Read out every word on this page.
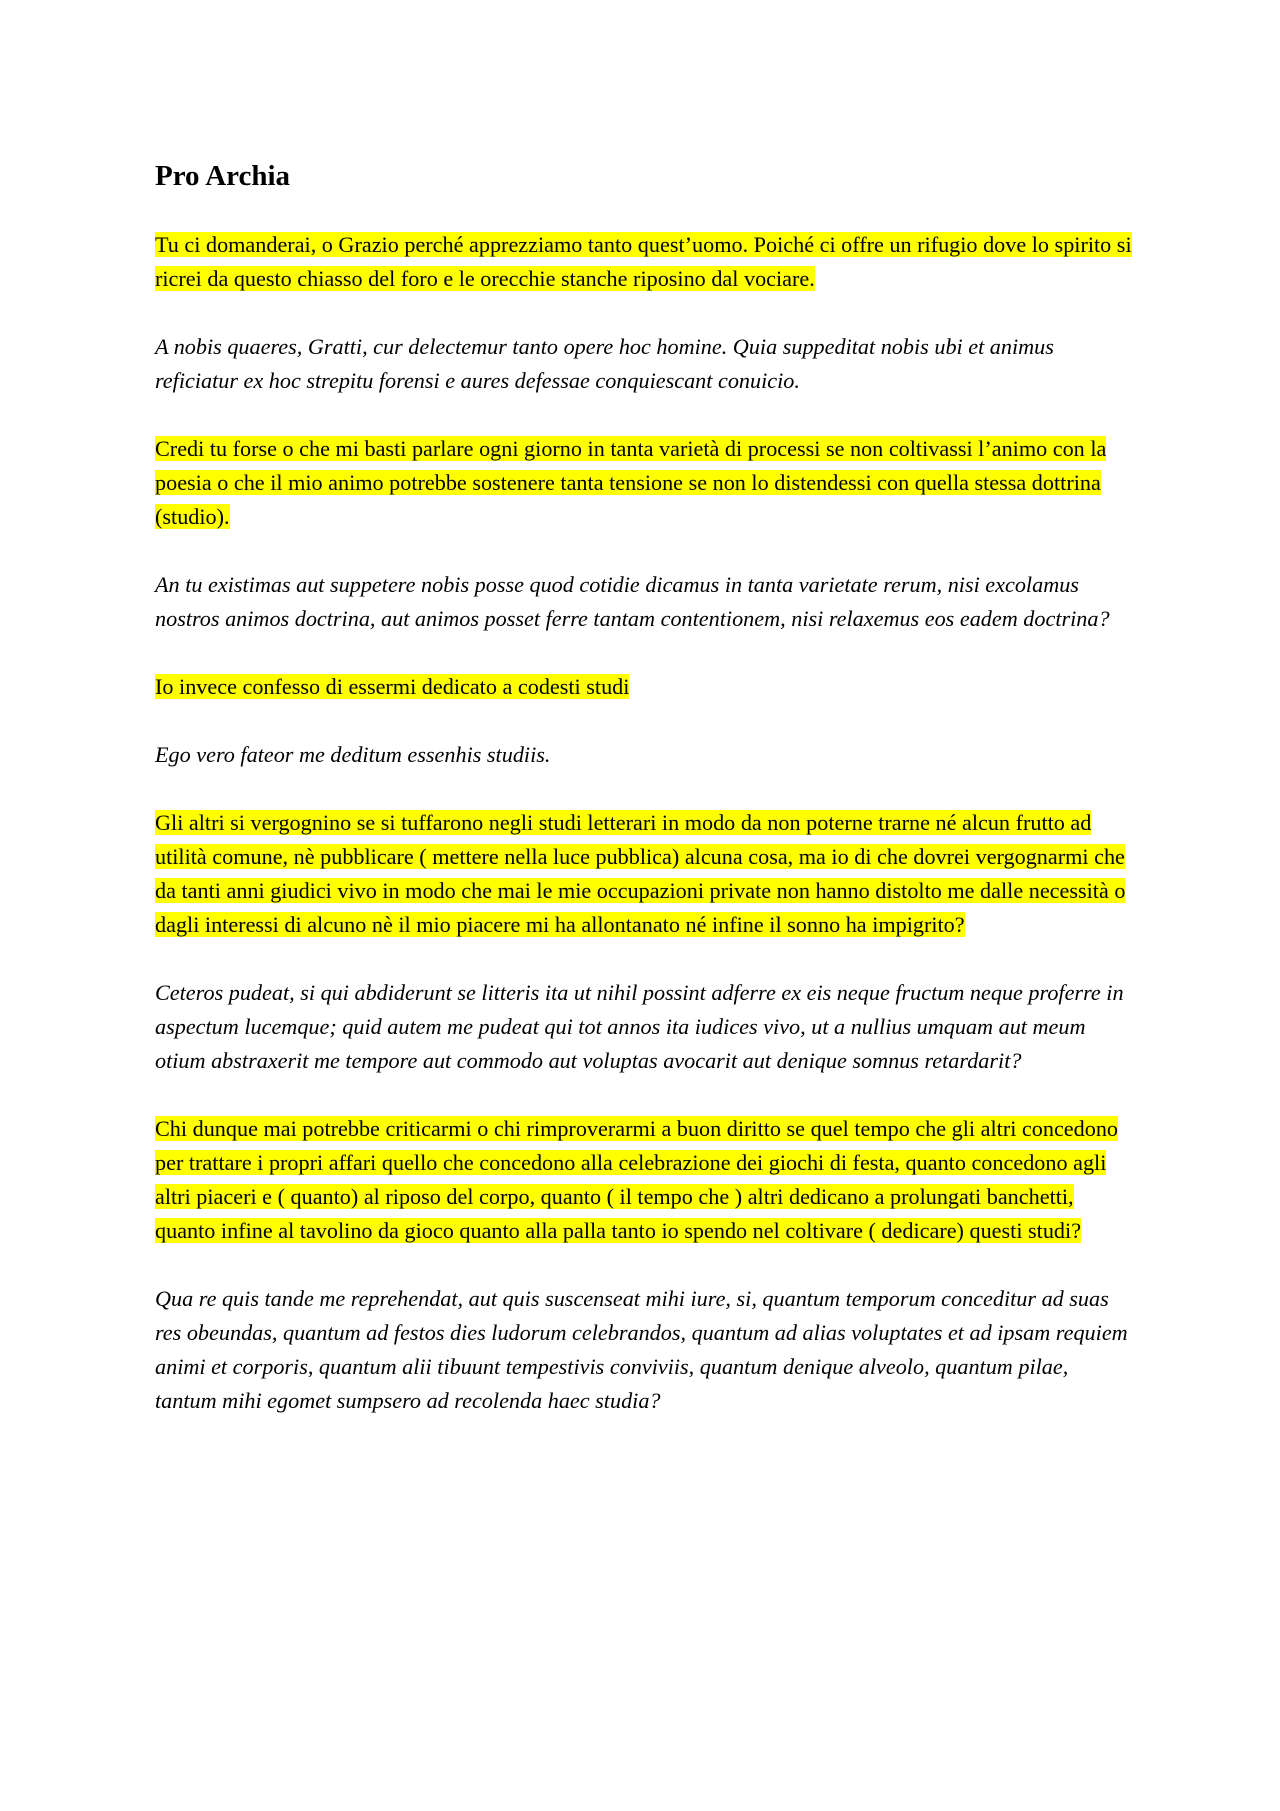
Pro Archia
Tu ci domanderai, o Grazio perché apprezziamo tanto quest’uomo. Poiché ci offre un rifugio dove lo spirito si ricrei da questo chiasso del foro e le orecchie stanche riposino dal vociare.
A nobis quaeres, Gratti, cur delectemur tanto opere hoc homine. Quia suppeditat nobis ubi et animus reficiatur ex hoc strepitu forensi e aures defessae conquiescant conuicio.
Credi tu forse o che mi basti parlare ogni giorno in tanta varietà di processi se non coltivassi l’animo con la poesia o che il mio animo potrebbe sostenere tanta tensione se non lo distendessi con quella stessa dottrina (studio).
An tu existimas aut suppetere nobis posse quod cotidie dicamus in tanta varietate rerum, nisi excolamus nostros animos doctrina, aut animos posset ferre tantam contentionem, nisi relaxemus eos eadem doctrina?
Io invece confesso di essermi dedicato a codesti studi
Ego vero fateor me deditum essenhis studiis.
Gli altri si vergognino se si tuffarono negli studi letterari in modo da non poterne trarne né alcun frutto ad utilità comune, nè pubblicare ( mettere nella luce pubblica) alcuna cosa, ma io di che dovrei vergognarmi che da tanti anni giudici vivo in modo che mai le mie occupazioni private non hanno distolto me dalle necessità o dagli interessi di alcuno nè il mio piacere mi ha allontanato né infine il sonno ha impigrito?
Ceteros pudeat, si qui abdiderunt se litteris ita ut nihil possint adferre ex eis neque fructum neque proferre in aspectum lucemque; quid autem me pudeat qui tot annos ita iudices vivo, ut a nullius umquam aut meum otium abstraxerit me tempore aut commodo aut voluptas avocarit aut denique somnus retardarit?
Chi dunque mai potrebbe criticarmi o chi rimproverarmi a buon diritto se quel tempo che gli altri concedono per trattare i propri affari quello che concedono alla celebrazione dei giochi di festa, quanto concedono agli altri piaceri e ( quanto) al riposo del corpo, quanto ( il tempo che ) altri dedicano a prolungati banchetti, quanto infine al tavolino da gioco quanto alla palla tanto io spendo nel coltivare ( dedicare) questi studi?
Qua re quis tande me reprehendat, aut quis suscenseat mihi iure, si, quantum temporum conceditur ad suas res obeundas, quantum ad festos dies ludorum celebrandos, quantum ad alias voluptates et ad ipsam requiem animi et corporis, quantum alii tibuunt tempestivis conviviis, quantum denique alveolo, quantum pilae, tantum mihi egomet sumpsero ad recolenda haec studia?
